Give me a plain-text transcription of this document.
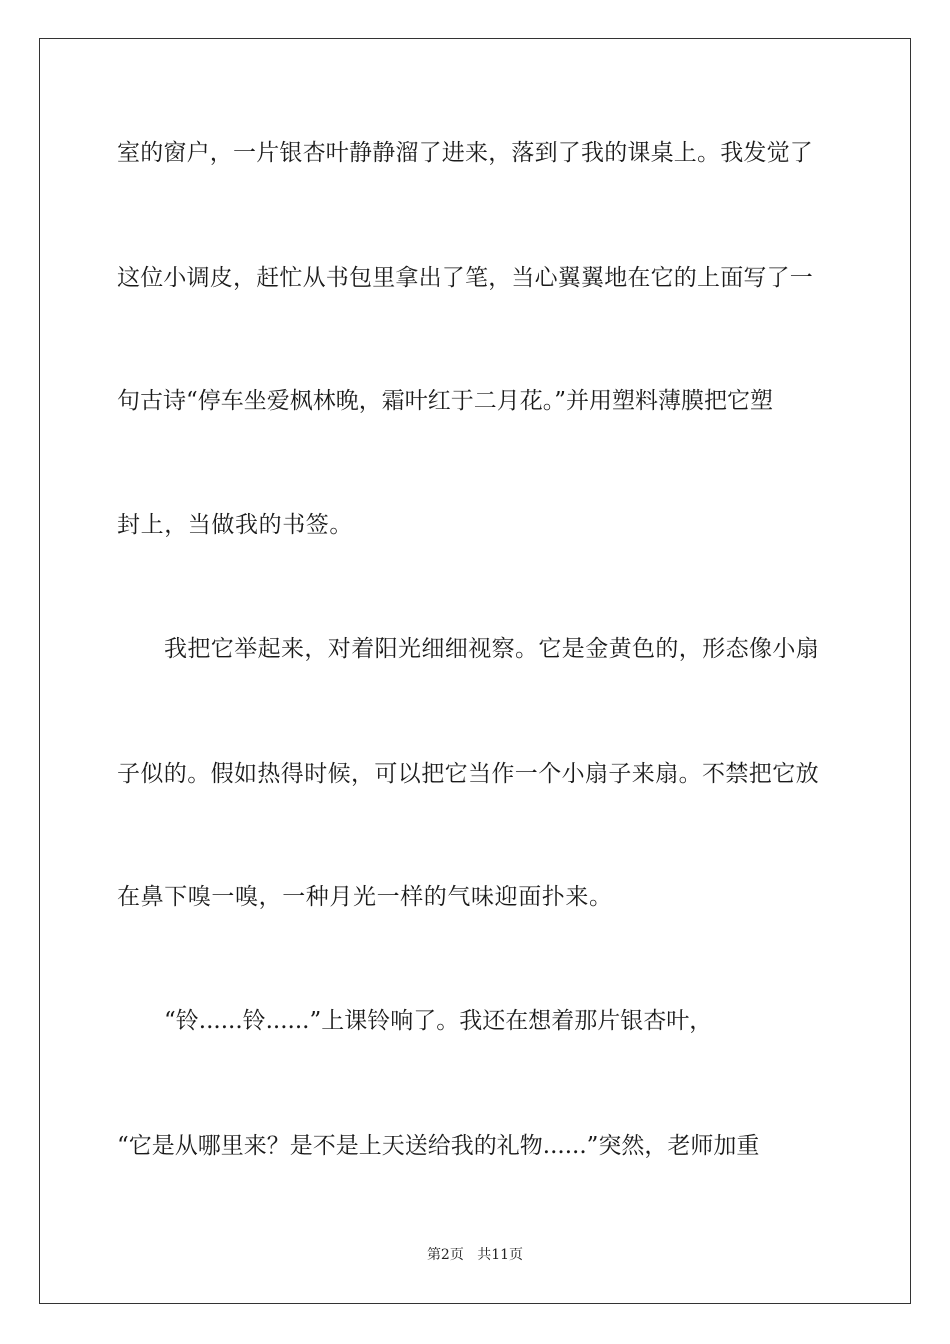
室的窗户，一片银杏叶静静溜了进来，落到了我的课桌上。我发觉了
这位小调皮，赶忙从书包里拿出了笔，当心翼翼地在它的上面写了一
句古诗“停车坐爱枫林晚，霜叶红于二月花。”并用塑料薄膜把它塑
封上，当做我的书签。
我把它举起来，对着阳光细细视察。它是金黄色的，形态像小扇
子似的。假如热得时候，可以把它当作一个小扇子来扇。不禁把它放
在鼻下嗅一嗅，一种月光一样的气味迎面扑来。
“铃......铃......”上课铃响了。我还在想着那片银杏叶，
“它是从哪里来？是不是上天送给我的礼物......”突然，老师加重
第2页 共11页
